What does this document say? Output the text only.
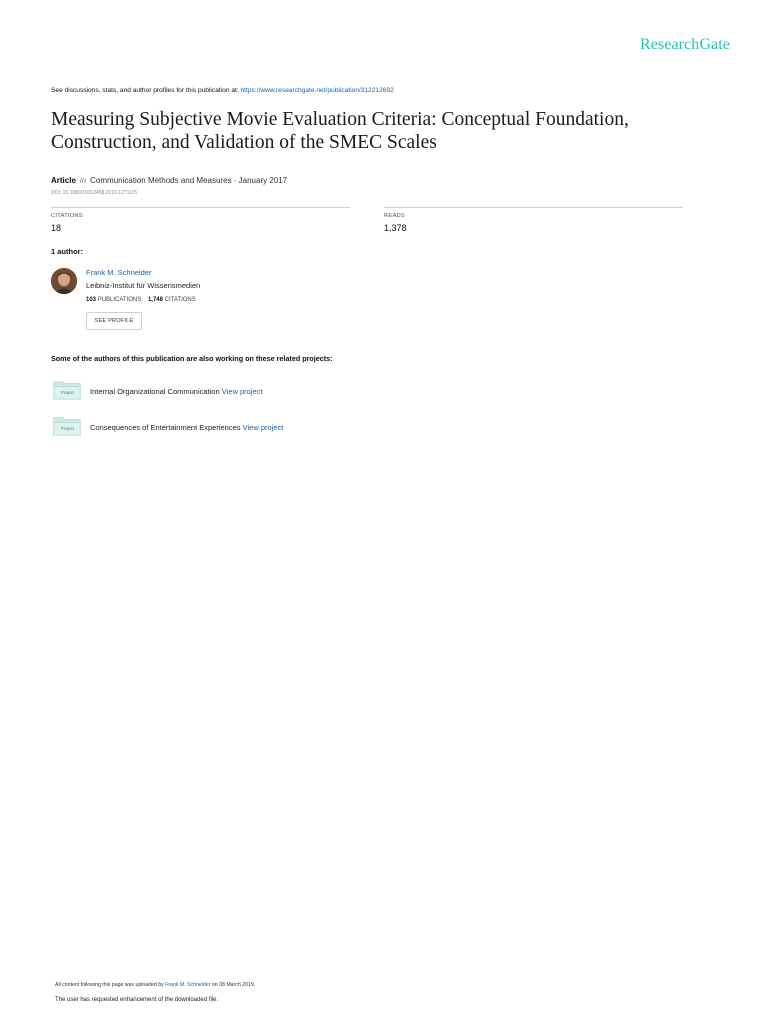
ResearchGate
See discussions, stats, and author profiles for this publication at: https://www.researchgate.net/publication/312212692
Measuring Subjective Movie Evaluation Criteria: Conceptual Foundation, Construction, and Validation of the SMEC Scales
Article in Communication Methods and Measures · January 2017
DOI: 10.1080/19312458.2016.1271115
CITATIONS
18
READS
1,378
1 author:
Frank M. Schneider
Leibniz-Institut für Wissensmedien
103 PUBLICATIONS 1,748 CITATIONS
SEE PROFILE
Some of the authors of this publication are also working on these related projects:
Project Internal Organizational Communication View project
Project Consequences of Entertainment Experiences View project
All content following this page was uploaded by Frank M. Schneider on 08 March 2019.
The user has requested enhancement of the downloaded file.
